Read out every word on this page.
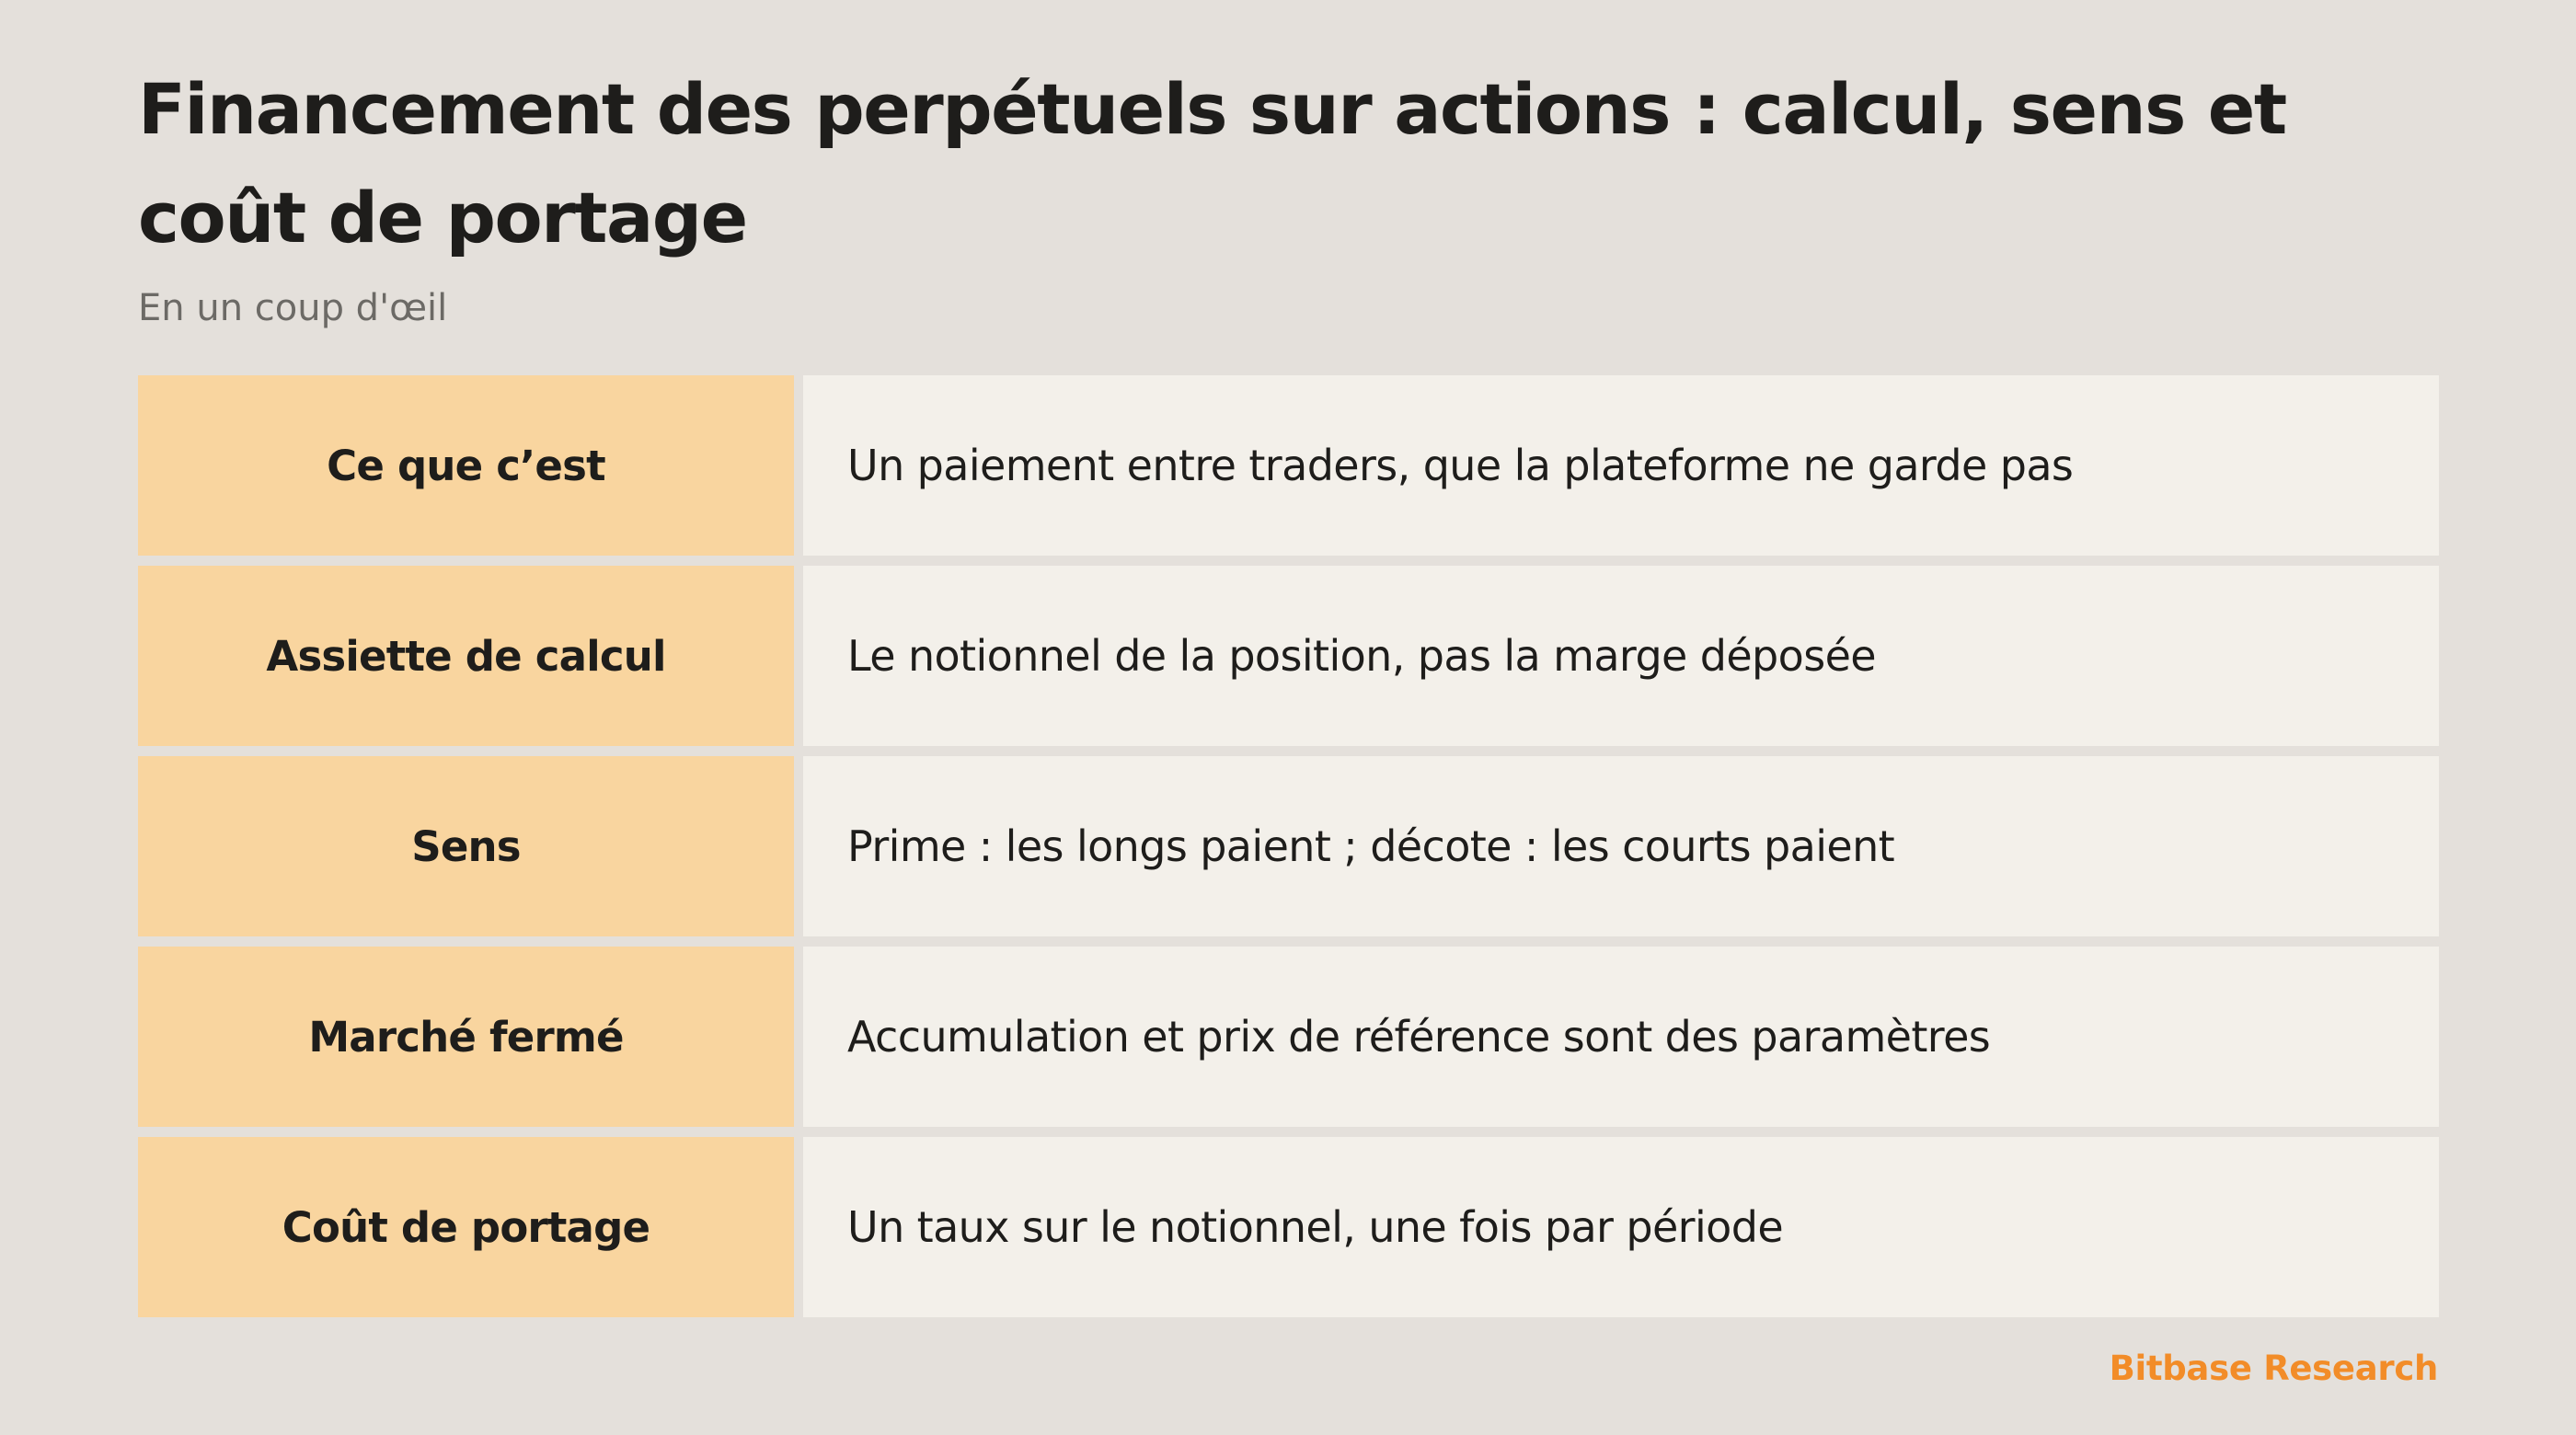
Financement des perpétuels sur actions : calcul, sens et coût de portage

En un coup d'œil

Ce que c’est	Un paiement entre traders, que la plateforme ne garde pas
Assiette de calcul	Le notionnel de la position, pas la marge déposée
Sens	Prime : les longs paient ; décote : les courts paient
Marché fermé	Accumulation et prix de référence sont des paramètres
Coût de portage	Un taux sur le notionnel, une fois par période
Bitbase Research
